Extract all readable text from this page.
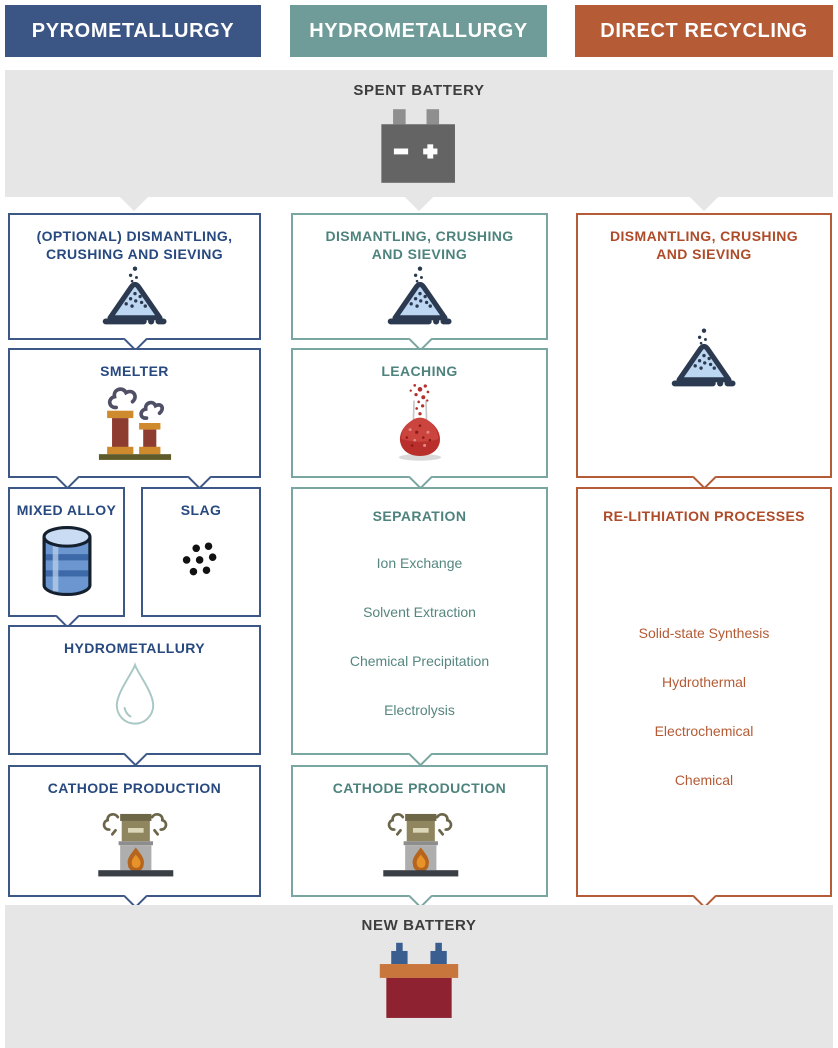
PYROMETALLURGY	HYDROMETALLURGY	DIRECT RECYCLING
SPENT BATTERY
(OPTIONAL) DISMANTLING,
CRUSHING AND SIEVING
SMELTER
MIXED ALLOY	SLAG
HYDROMETALLURY
CATHODE PRODUCTION
DISMANTLING, CRUSHING
AND SIEVING
LEACHING
SEPARATION
Ion Exchange
Solvent Extraction
Chemical Precipitation
Electrolysis
CATHODE PRODUCTION
DISMANTLING, CRUSHING
AND SIEVING
RE-LITHIATION PROCESSES
Solid-state Synthesis
Hydrothermal
Electrochemical
Chemical
NEW BATTERY
